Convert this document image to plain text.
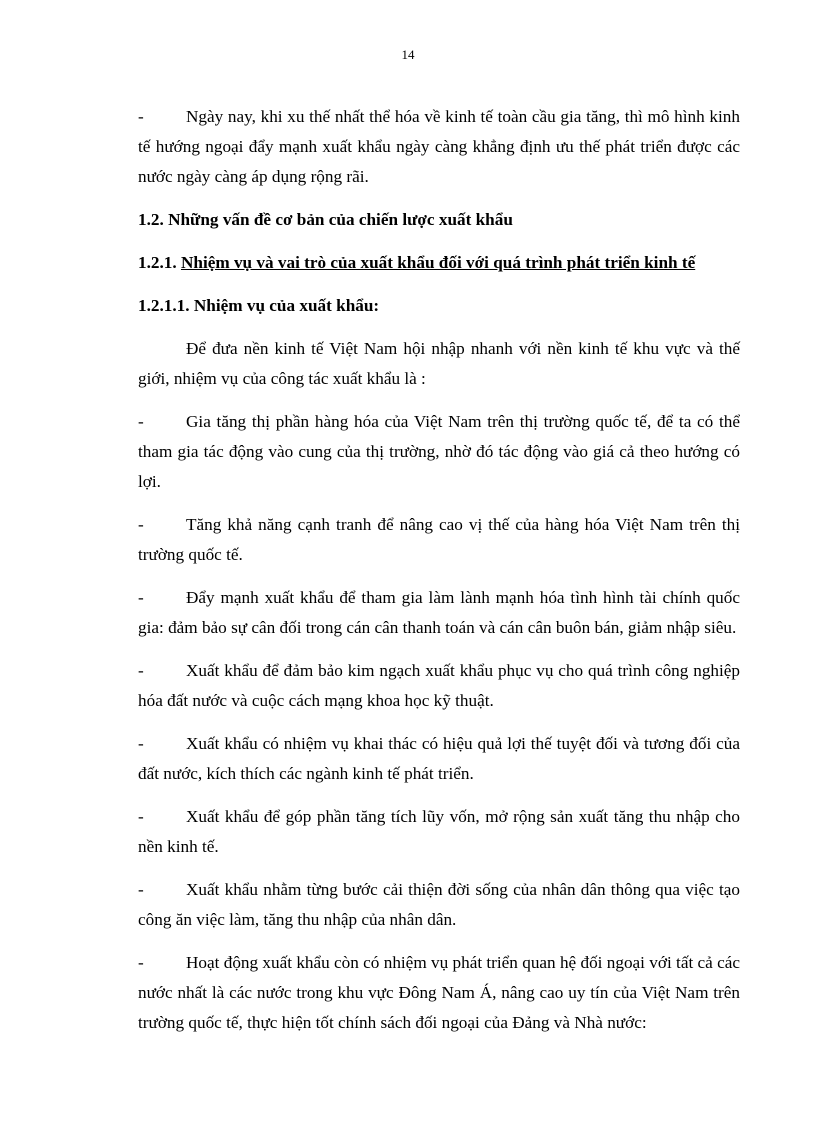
14

- Ngày nay, khi xu thế nhất thể hóa về kinh tế toàn cầu gia tăng, thì mô hình kinh tế hướng ngoại đẩy mạnh xuất khẩu ngày càng khẳng định ưu thế phát triển được các nước ngày càng áp dụng rộng rãi.

1.2. Những vấn đề cơ bản của chiến lược xuất khẩu

1.2.1. Nhiệm vụ và vai trò của xuất khẩu đối với quá trình phát triển kinh tế

1.2.1.1. Nhiệm vụ của xuất khẩu:

Để đưa nền kinh tế Việt Nam hội nhập nhanh với nền kinh tế khu vực và thế giới, nhiệm vụ của công tác xuất khẩu là :

- Gia tăng thị phần hàng hóa của Việt Nam trên thị trường quốc tế, để ta có thể tham gia tác động vào cung của thị trường, nhờ đó tác động vào giá cả theo hướng có lợi.

- Tăng khả năng cạnh tranh để nâng cao vị thế của hàng hóa Việt Nam trên thị trường quốc tế.

- Đẩy mạnh xuất khẩu để tham gia làm lành mạnh hóa tình hình tài chính quốc gia: đảm bảo sự cân đối trong cán cân thanh toán và cán cân buôn bán, giảm nhập siêu.

- Xuất khẩu để đảm bảo kim ngạch xuất khẩu phục vụ cho quá trình công nghiệp hóa đất nước và cuộc cách mạng khoa học kỹ thuật.

- Xuất khẩu có nhiệm vụ khai thác có hiệu quả lợi thế tuyệt đối và tương đối của đất nước, kích thích các ngành kinh tế phát triển.

- Xuất khẩu để góp phần tăng tích lũy vốn, mở rộng sản xuất tăng thu nhập cho nền kinh tế.

- Xuất khẩu nhằm từng bước cải thiện đời sống của nhân dân thông qua việc tạo công ăn việc làm, tăng thu nhập của nhân dân.

- Hoạt động xuất khẩu còn có nhiệm vụ phát triển quan hệ đối ngoại với tất cả các nước nhất là các nước trong khu vực Đông Nam Á, nâng cao uy tín của Việt Nam trên trường quốc tế, thực hiện tốt chính sách đối ngoại của Đảng và Nhà nước:
